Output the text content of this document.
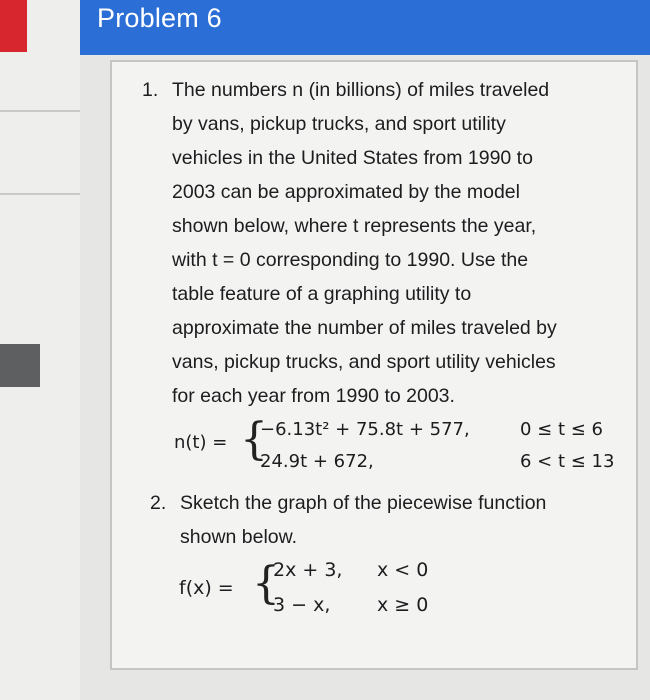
Problem 6
1. The numbers n (in billions) of miles traveled
by vans, pickup trucks, and sport utility
vehicles in the United States from 1990 to
2003 can be approximated by the model
shown below, where t represents the year,
with t = 0 corresponding to 1990. Use the
table feature of a graphing utility to
approximate the number of miles traveled by
vans, pickup trucks, and sport utility vehicles
for each year from 1990 to 2003.
n(t) = {
−6.13t² + 75.8t + 577,	0 ≤ t ≤ 6
24.9t + 672,	6 < t ≤ 13
2. Sketch the graph of the piecewise function
shown below.
f(x) = {
2x + 3, x < 0
3 − x, x ≥ 0
